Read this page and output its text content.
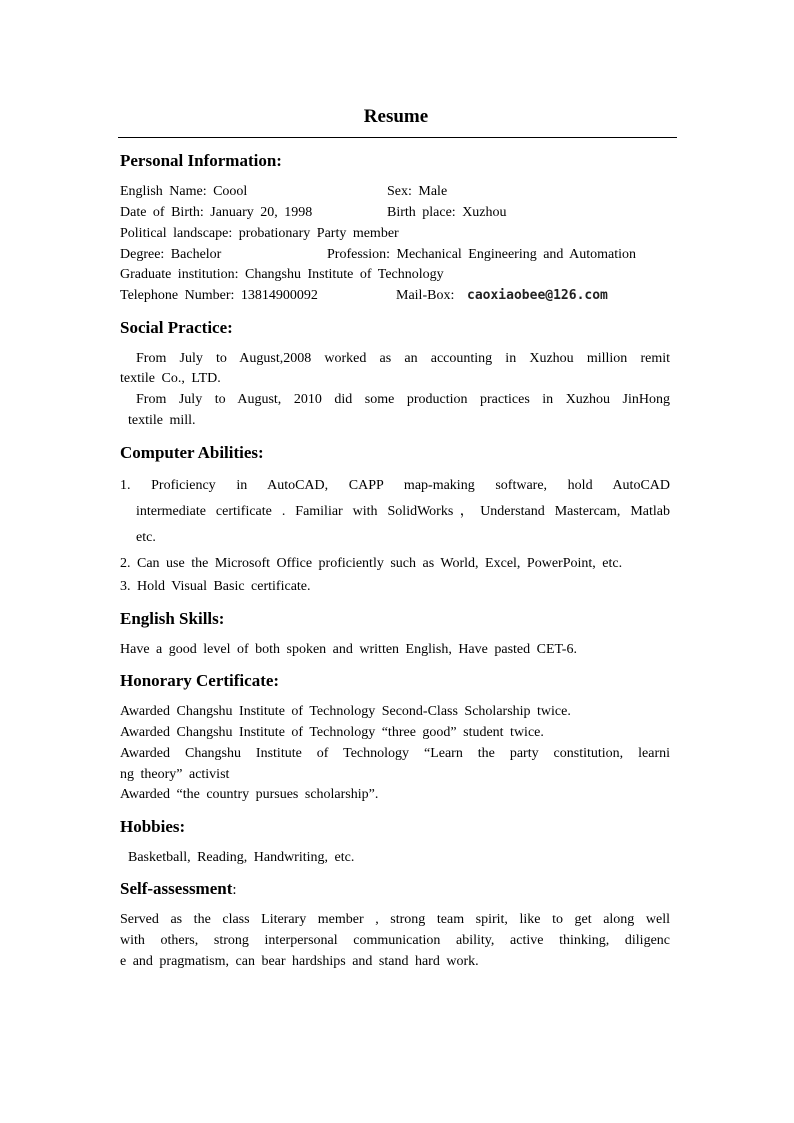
Resume
Personal Information:
English Name: Coool	Sex: Male
Date of Birth: January 20, 1998	Birth place: Xuzhou
Political landscape: probationary Party member
Degree: Bachelor	Profession: Mechanical Engineering and Automation
Graduate institution: Changshu Institute of Technology
Telephone Number: 13814900092	Mail-Box: caoxiaobee@126.com
Social Practice:
From July to August,2008 worked as an accounting in Xuzhou million remit
textile Co., LTD.
From July to August, 2010 did some production practices in Xuzhou JinHong
textile mill.
Computer Abilities:
1. Proficiency in AutoCAD, CAPP map-making software, hold AutoCAD
intermediate certificate . Familiar with SolidWorks，Understand Mastercam, Matlab
etc.
2. Can use the Microsoft Office proficiently such as World, Excel, PowerPoint, etc.
3. Hold Visual Basic certificate.
English Skills:
Have a good level of both spoken and written English, Have pasted CET-6.
Honorary Certificate:
Awarded Changshu Institute of Technology Second-Class Scholarship twice.
Awarded Changshu Institute of Technology “three good” student twice.
Awarded Changshu Institute of Technology “Learn the party constitution, learni
ng theory” activist
Awarded “the country pursues scholarship”.
Hobbies:
Basketball, Reading, Handwriting, etc.
Self-assessment:
Served as the class Literary member , strong team spirit, like to get along well
with others, strong interpersonal communication ability, active thinking, diligenc
e and pragmatism, can bear hardships and stand hard work.
